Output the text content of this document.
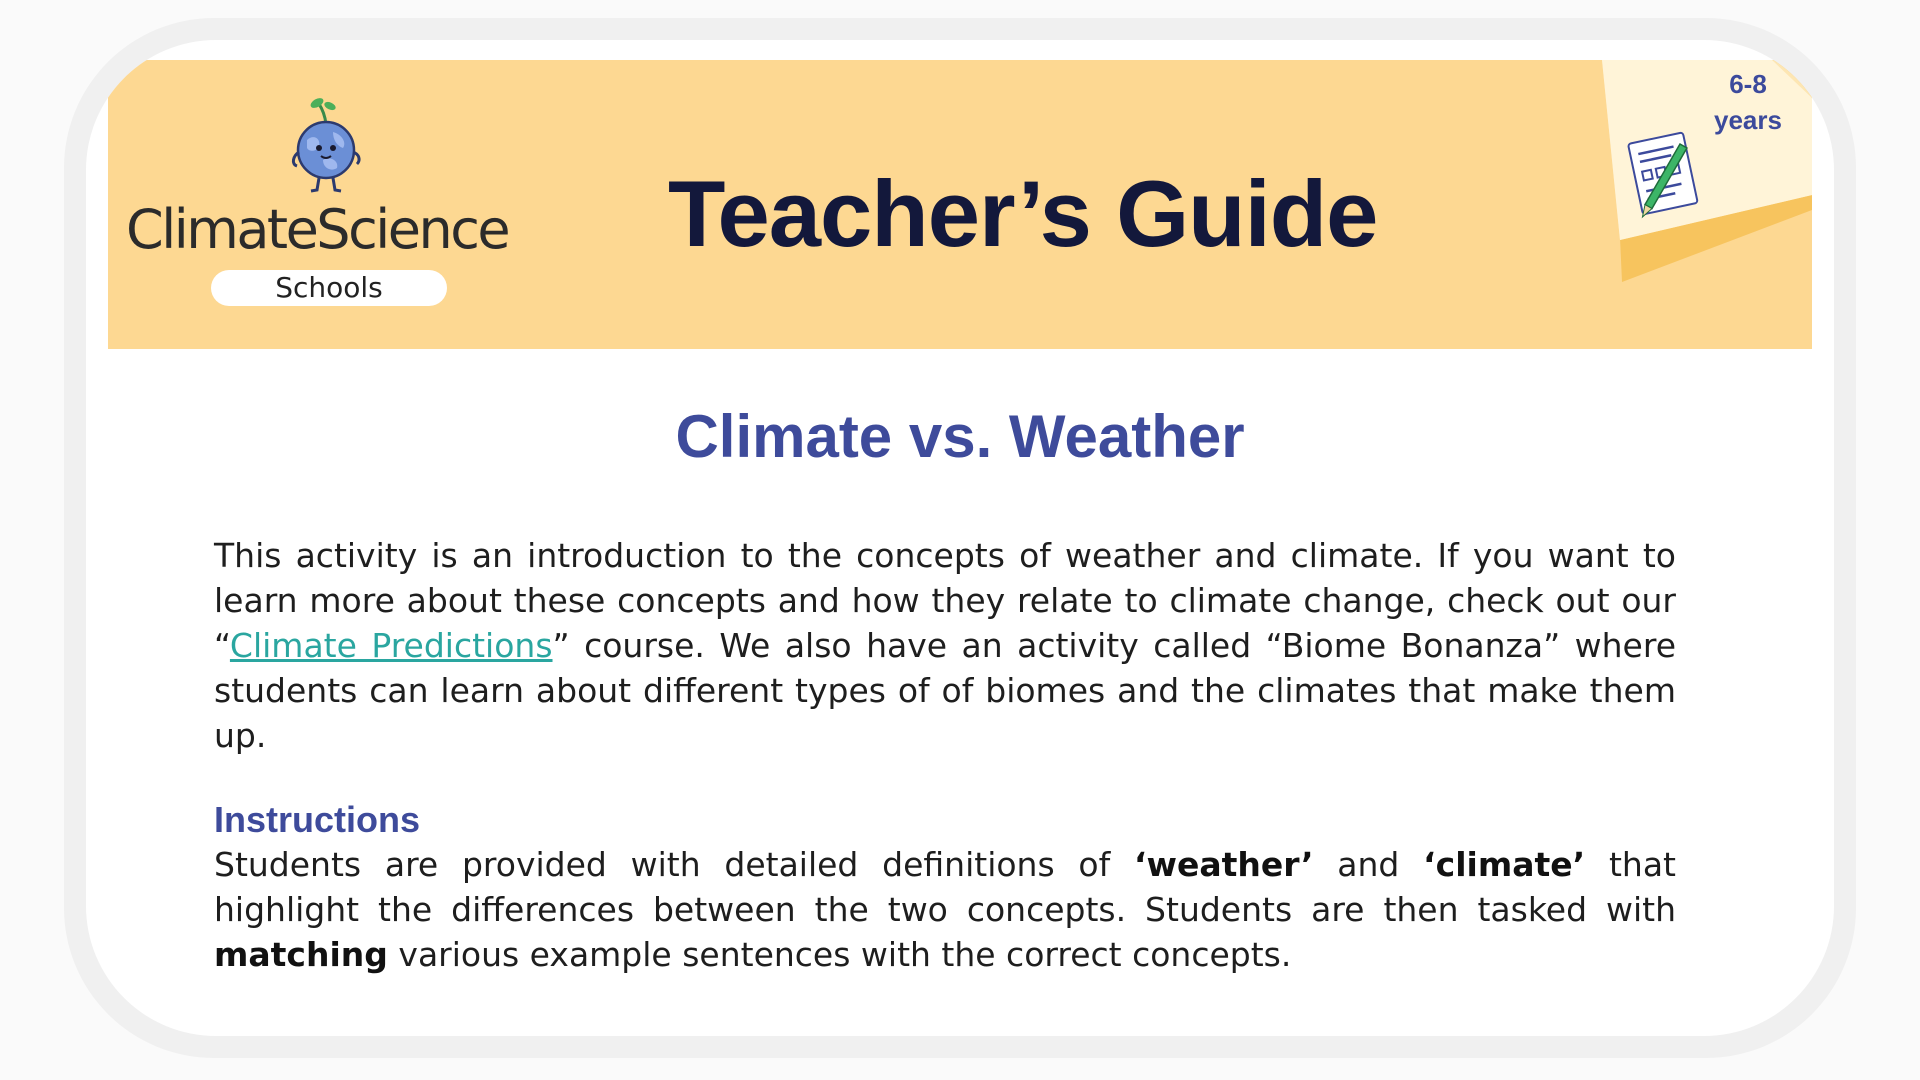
ClimateScience
Schools
Teacher’s Guide
6-8
years
Climate vs. Weather

This activity is an introduction to the concepts of weather and climate. If you want to learn more about these concepts and how they relate to climate change, check out our “Climate Predictions” course. We also have an activity called “Biome Bonanza” where students can learn about different types of of biomes and the climates that make them up.

Instructions

Students are provided with detailed definitions of ‘weather’ and ‘climate’ that highlight the differences between the two concepts. Students are then tasked with matching various example sentences with the correct concepts.
